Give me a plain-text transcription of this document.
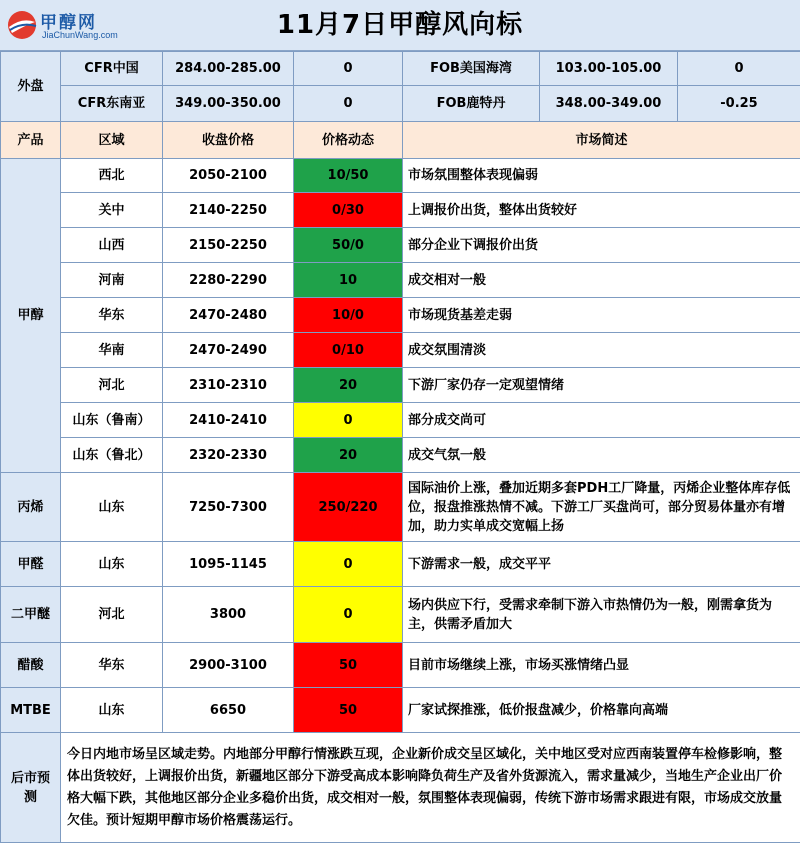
甲醇网
JiaChunWang.com	11月7日甲醇风向标
外盘	CFR中国	284.00-285.00	0	FOB美国海湾	103.00-105.00	0
	CFR东南亚	349.00-350.00	0	FOB鹿特丹	348.00-349.00	-0.25
产品	区域	收盘价格	价格动态	市场简述		
甲醇	西北	2050-2100	10/50	市场氛围整体表现偏弱		
	关中	2140-2250	0/30	上调报价出货，整体出货较好		
	山西	2150-2250	50/0	部分企业下调报价出货		
	河南	2280-2290	10	成交相对一般		
	华东	2470-2480	10/0	市场现货基差走弱		
	华南	2470-2490	0/10	成交氛围清淡		
	河北	2310-2310	20	下游厂家仍存一定观望情绪		
	山东（鲁南）	2410-2410	0	部分成交尚可		
	山东（鲁北）	2320-2330	20	成交气氛一般		
丙烯	山东	7250-7300	250/220	国际油价上涨，叠加近期多套PDH工厂降量，丙烯企业整体库存低位，报盘推涨热情不减。下游工厂买盘尚可，部分贸易体量亦有增加，助力实单成交宽幅上扬		
甲醛	山东	1095-1145	0	下游需求一般，成交平平		
二甲醚	河北	3800	0	场内供应下行，受需求牵制下游入市热情仍为一般，刚需拿货为主，供需矛盾加大		
醋酸	华东	2900-3100	50	目前市场继续上涨，市场买涨情绪凸显		
MTBE	山东	6650	50	厂家试探推涨，低价报盘减少，价格靠向高端		
后市预测	今日内地市场呈区域走势。内地部分甲醇行情涨跌互现，企业新价成交呈区域化，关中地区受对应西南装置停车检修影响，整体出货较好，上调报价出货，新疆地区部分下游受高成本影响降负荷生产及省外货源流入，需求量减少，当地生产企业出厂价格大幅下跌，其他地区部分企业多稳价出货，成交相对一般，氛围整体表现偏弱，传统下游市场需求跟进有限，市场成交放量欠佳。预计短期甲醇市场价格震荡运行。					
